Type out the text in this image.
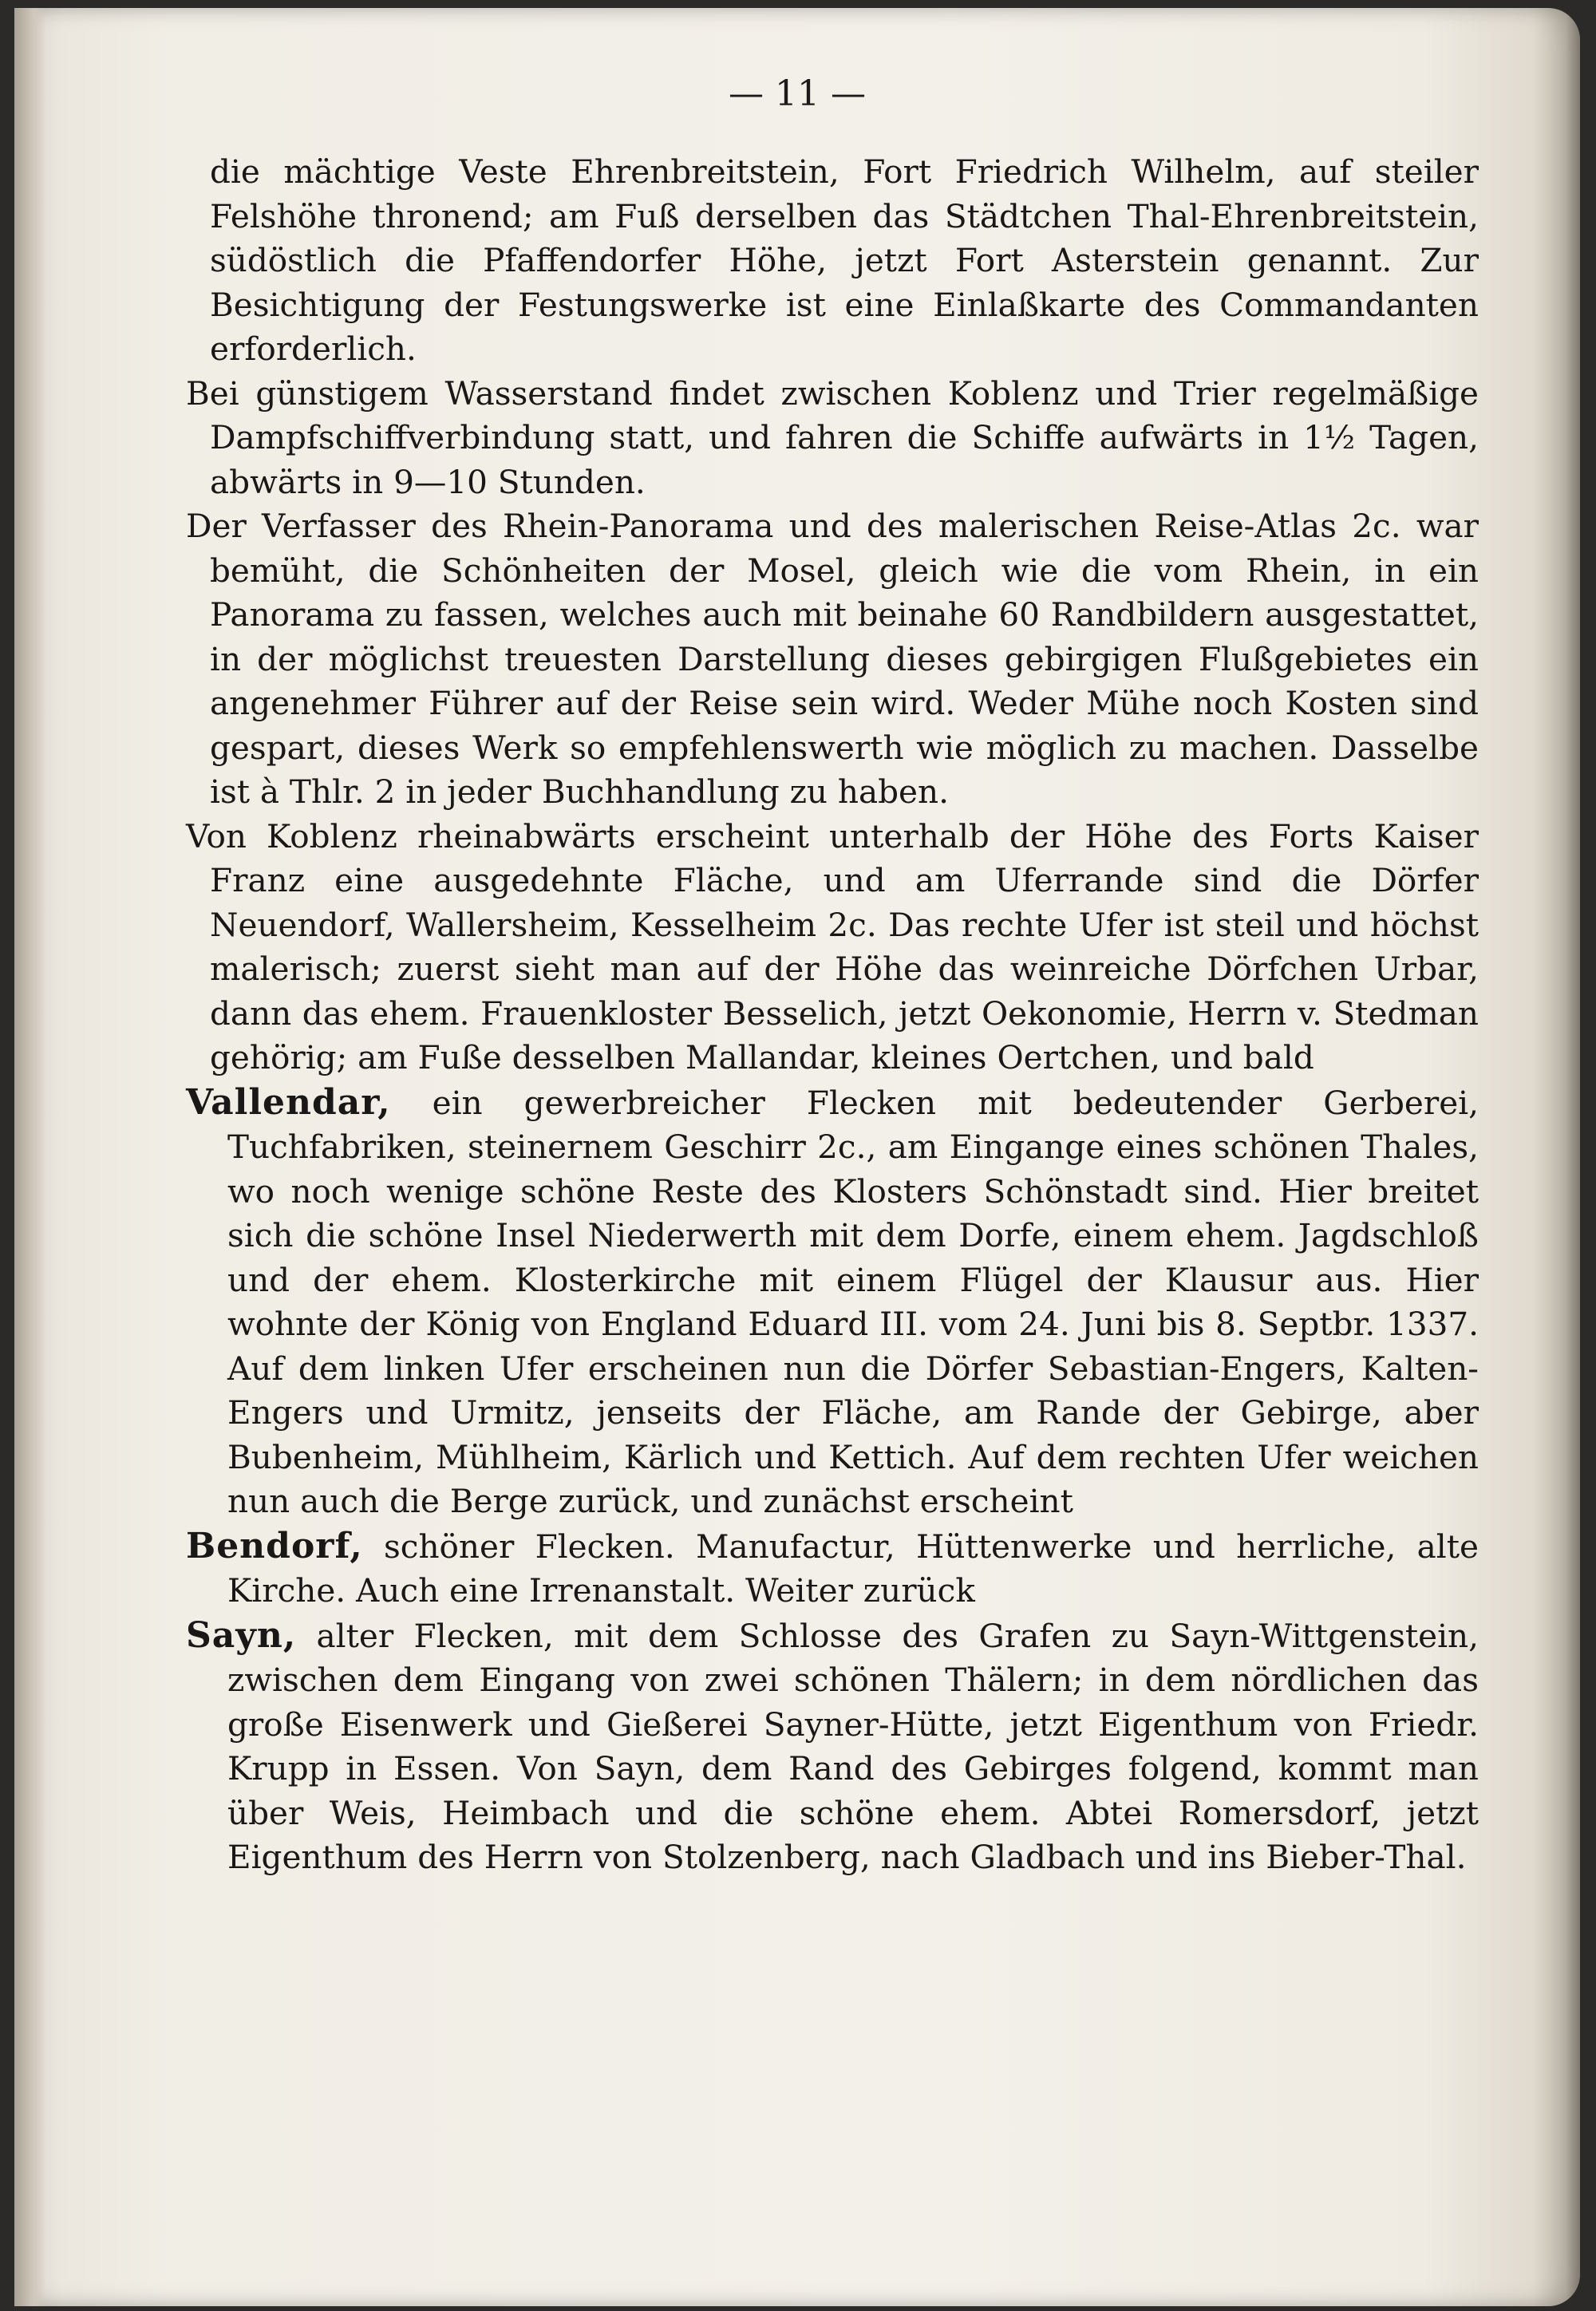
— 11 —

die mächtige Veste Ehrenbreitstein, Fort Friedrich Wilhelm, auf steiler Felshöhe thronend; am Fuß derselben das Städtchen Thal-Ehrenbreitstein, südöstlich die Pfaffendorfer Höhe, jetzt Fort Asterstein genannt. Zur Besichtigung der Festungswerke ist eine Einlaßkarte des Commandanten erforderlich.

Bei günstigem Wasserstand findet zwischen Koblenz und Trier regelmäßige Dampfschiffverbindung statt, und fahren die Schiffe aufwärts in 1½ Tagen, abwärts in 9—10 Stunden.

Der Verfasser des Rhein-Panorama und des malerischen Reise-Atlas 2c. war bemüht, die Schönheiten der Mosel, gleich wie die vom Rhein, in ein Panorama zu fassen, welches auch mit beinahe 60 Randbildern ausgestattet, in der möglichst treuesten Darstellung dieses gebirgigen Flußgebietes ein angenehmer Führer auf der Reise sein wird. Weder Mühe noch Kosten sind gespart, dieses Werk so empfehlenswerth wie möglich zu machen. Dasselbe ist à Thlr. 2 in jeder Buchhandlung zu haben.

Von Koblenz rheinabwärts erscheint unterhalb der Höhe des Forts Kaiser Franz eine ausgedehnte Fläche, und am Uferrande sind die Dörfer Neuendorf, Wallersheim, Kesselheim 2c. Das rechte Ufer ist steil und höchst malerisch; zuerst sieht man auf der Höhe das weinreiche Dörfchen Urbar, dann das ehem. Frauenkloster Besselich, jetzt Oekonomie, Herrn v. Stedman gehörig; am Fuße desselben Mallandar, kleines Oertchen, und bald

Vallendar, ein gewerbreicher Flecken mit bedeutender Gerberei, Tuchfabriken, steinernem Geschirr 2c., am Eingange eines schönen Thales, wo noch wenige schöne Reste des Klosters Schönstadt sind. Hier breitet sich die schöne Insel Niederwerth mit dem Dorfe, einem ehem. Jagdschloß und der ehem. Klosterkirche mit einem Flügel der Klausur aus. Hier wohnte der König von England Eduard III. vom 24. Juni bis 8. Septbr. 1337. Auf dem linken Ufer erscheinen nun die Dörfer Sebastian-Engers, Kalten-Engers und Urmitz, jenseits der Fläche, am Rande der Gebirge, aber Bubenheim, Mühlheim, Kärlich und Kettich. Auf dem rechten Ufer weichen nun auch die Berge zurück, und zunächst erscheint

Bendorf, schöner Flecken. Manufactur, Hüttenwerke und herrliche, alte Kirche. Auch eine Irrenanstalt. Weiter zurück

Sayn, alter Flecken, mit dem Schlosse des Grafen zu Sayn-Wittgenstein, zwischen dem Eingang von zwei schönen Thälern; in dem nördlichen das große Eisenwerk und Gießerei Sayner-Hütte, jetzt Eigenthum von Friedr. Krupp in Essen. Von Sayn, dem Rand des Gebirges folgend, kommt man über Weis, Heimbach und die schöne ehem. Abtei Romersdorf, jetzt Eigenthum des Herrn von Stolzenberg, nach Gladbach und ins Bieber-Thal.
